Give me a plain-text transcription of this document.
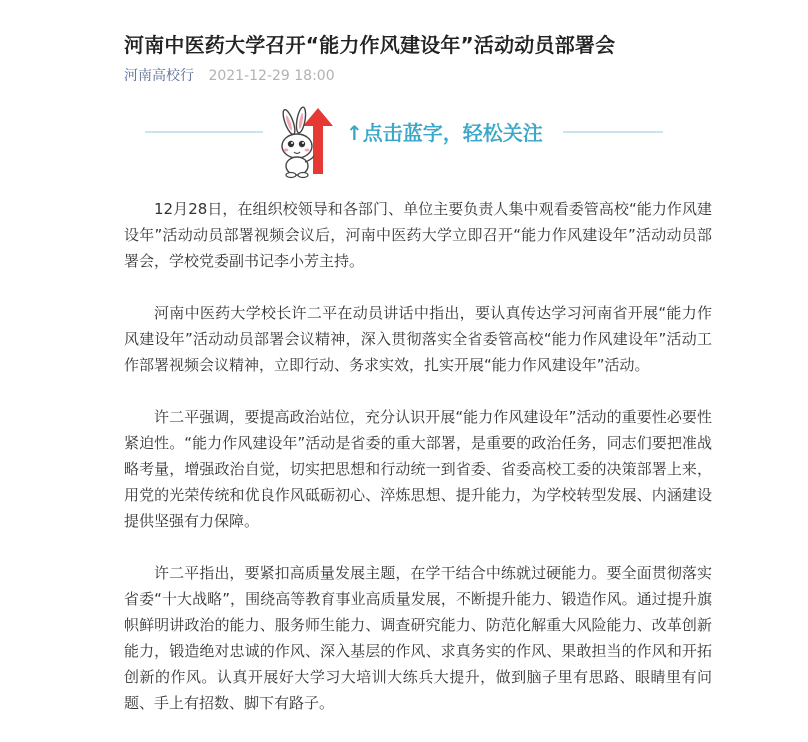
河南中医药大学召开“能力作风建设年”活动动员部署会
河南高校行 2021-12-29 18:00
↑点击蓝字，轻松关注

12月28日，在组织校领导和各部门、单位主要负责人集中观看委管高校“能力作风建设年”活动动员部署视频会议后，河南中医药大学立即召开“能力作风建设年”活动动员部署会，学校党委副书记李小芳主持。

河南中医药大学校长许二平在动员讲话中指出，要认真传达学习河南省开展“能力作风建设年”活动动员部署会议精神，深入贯彻落实全省委管高校“能力作风建设年”活动工作部署视频会议精神，立即行动、务求实效，扎实开展“能力作风建设年”活动。

许二平强调，要提高政治站位，充分认识开展“能力作风建设年”活动的重要性必要性紧迫性。“能力作风建设年”活动是省委的重大部署，是重要的政治任务，同志们要把准战略考量，增强政治自觉，切实把思想和行动统一到省委、省委高校工委的决策部署上来，用党的光荣传统和优良作风砥砺初心、淬炼思想、提升能力，为学校转型发展、内涵建设提供坚强有力保障。

许二平指出，要紧扣高质量发展主题，在学干结合中练就过硬能力。要全面贯彻落实省委“十大战略”，围绕高等教育事业高质量发展，不断提升能力、锻造作风。通过提升旗帜鲜明讲政治的能力、服务师生能力、调查研究能力、防范化解重大风险能力、改革创新能力，锻造绝对忠诚的作风、深入基层的作风、求真务实的作风、果敢担当的作风和开拓创新的作风。认真开展好大学习大培训大练兵大提升，做到脑子里有思路、眼睛里有问题、手上有招数、脚下有路子。
